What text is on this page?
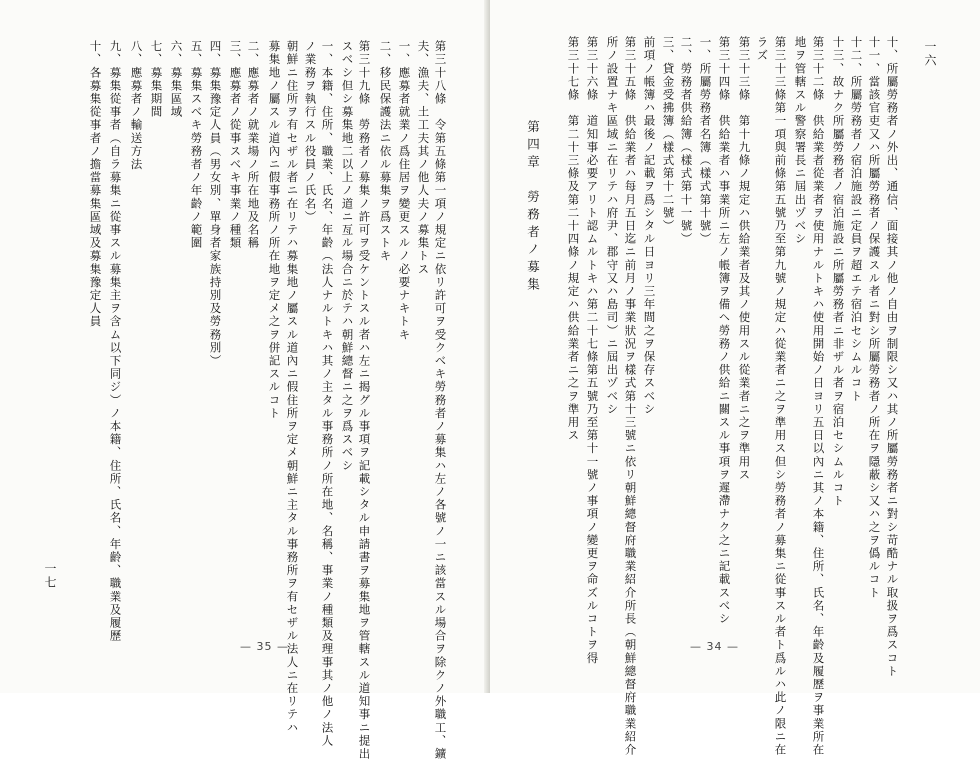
一七	第三十八條　令第五條第一項ノ規定ニ依リ許可ヲ受クベキ勞務者ノ募集ハ左ノ各號ノ一ニ該當スル場合ヲ除クノ外職工、鑛
夫、漁夫、土工夫其ノ他人夫ノ募集トス
一、應募者就業ノ爲住居ヲ變更スルノ必要ナキトキ
二、移民保護法ニ依ル募集ヲ爲ストキ
第三十九條　勞務者ノ募集ノ許可ヲ受ケントスル者ハ左ニ揭グル事項ヲ記載シタル申請書ヲ募集地ヲ管轄スル道知事ニ提出
スベシ但シ募集地二以上ノ道ニ亙ル場合ニ於テハ朝鮮總督ニ之ヲ爲スベシ
一、本籍、住所、職業、氏名、年齡（法人ナルトキハ其ノ主タル事務所ノ所在地、名稱、事業ノ種類及理事其ノ他ノ法人
ノ業務ヲ執行スル役員ノ氏名）
朝鮮ニ住所ヲ有セザル者ニ在リテハ募集地ノ屬スル道內ニ假住所ヲ定メ朝鮮ニ主タル事務所ヲ有セザル法人ニ在リテハ
募集地ノ屬スル道內ニ假事務所ノ所在地ヲ定メ之ヲ併記スルコト
二、應募者ノ就業場ノ所在地及名稱
三、應募者ノ從事スベキ事業ノ種類
四、募集豫定人員（男女別、單身者家族持別及勞務別）
五、募集スベキ勞務者ノ年齡ノ範圍
六、募集區域
七、募集期間
八、應募者ノ輸送方法
九、募集從事者（自ラ募集ニ從事スル募集主ヲ含ム以下同ジ）ノ本籍、住所、氏名、年齡、職業及履歷
十、各募集從事者ノ擔當募集區域及募集豫定人員
— 35 —
一六
十、所屬勞務者ノ外出、通信、面接其ノ他ノ自由ヲ制限シ又ハ其ノ所屬勞務者ニ對シ苛酷ナル取扱ヲ爲スコト
十一、當該官吏又ハ所屬勞務者ノ保護スル者ニ對シ所屬勞務者ノ所在ヲ隱蔽シ又ハ之ヲ僞ルコト
十二、所屬勞務者ノ宿泊施設ニ定員ヲ超エテ宿泊セシムルコト
十三、故ナク所屬勞務者ノ宿泊施設ニ所屬勞務者ニ非ザル者ヲ宿泊セシムルコト
第三十二條　供給業者從業者ヲ使用ナルトキハ使用開始ノ日ヨリ五日以內ニ其ノ本籍、住所、氏名、年齡及履歷ヲ事業所在
地ヲ管轄スル警察署長ニ屆出ヅベシ
第三十三條第一項與前條第五號乃至第九號ノ規定ハ從業者ニ之ヲ準用ス但シ勞務者ノ募集ニ從事スル者ト爲ルハ此ノ限ニ在
ラズ
第三十三條　第十九條ノ規定ハ供給業者及其ノ使用スル從業者ニ之ヲ準用ス
第三十四條　供給業者ハ事業所ニ左ノ帳簿ヲ備ヘ勞務ノ供給ニ關スル事項ヲ遲滯ナク之ニ記載スベシ
一、所屬勞務者名簿（樣式第十號）
二、勞務者供給簿（樣式第十一號）
三、貸金受拂簿（樣式第十二號）
前項ノ帳簿ハ最後ノ記載ヲ爲シタル日ヨリ三年間之ヲ保存スベシ
第三十五條　供給業者ハ每月五日迄ニ前月ノ事業狀況ヲ樣式第十三號ニ依リ朝鮮總督府職業紹介所長（朝鮮總督府職業紹介
所ノ設置ナキ區域ニ在リテハ府尹、郡守又ハ島司）ニ屆出ヅベシ
第三十六條　道知事必要アリト認ムルトキハ第二十七條第五號乃至第十一號ノ事項ノ變更ヲ命ズルコトヲ得
第三十七條　第二十三條及第二十四條ノ規定ハ供給業者ニ之ヲ準用ス
第四章　勞務者ノ募集
— 34 —
